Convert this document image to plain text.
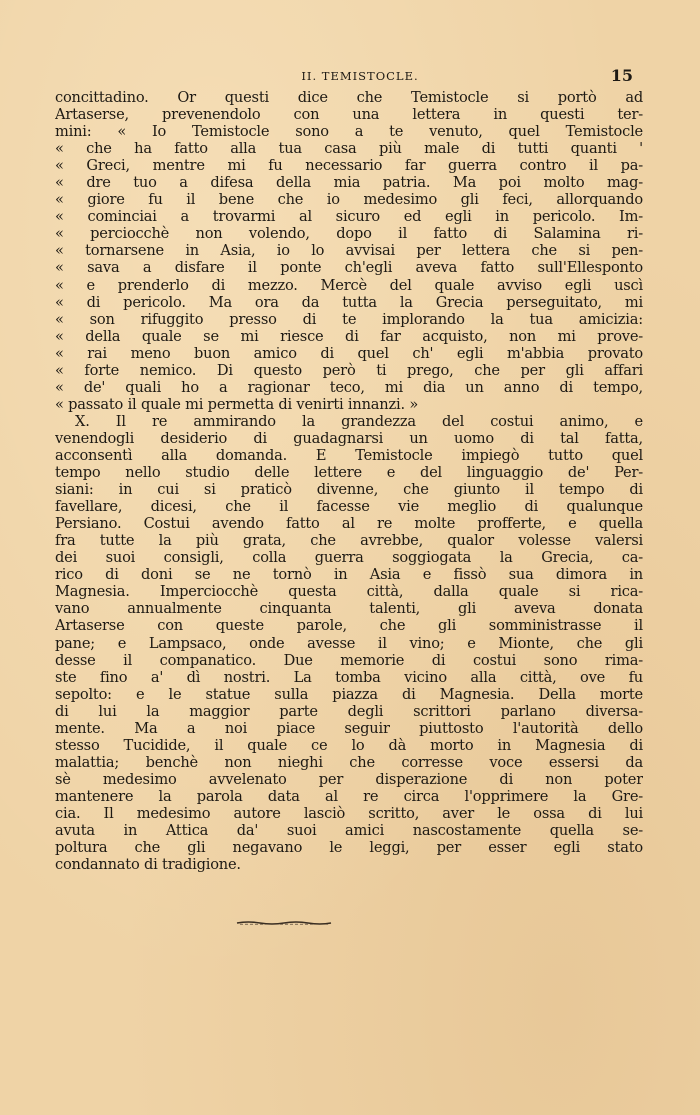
II. TEMISTOCLE.	15
concittadino. Or questi dice che Temistocle si portò ad
Artaserse, prevenendolo con una lettera in questi ter-
mini: « Io Temistocle sono a te venuto, quel Temistocle
« che ha fatto alla tua casa più male di tutti quanti '
« Greci, mentre mi fu necessario far guerra contro il pa-
« dre tuo a difesa della mia patria. Ma poi molto mag-
« giore fu il bene che io medesimo gli feci, allorquando
« cominciai a trovarmi al sicuro ed egli in pericolo. Im-
« perciocchè non volendo, dopo il fatto di Salamina ri-
« tornarsene in Asia, io lo avvisai per lettera che si pen-
« sava a disfare il ponte ch'egli aveva fatto sull'Ellesponto
« e prenderlo di mezzo. Mercè del quale avviso egli uscì
« di pericolo. Ma ora da tutta la Grecia perseguitato, mi
« son rifuggito presso di te implorando la tua amicizia:
« della quale se mi riesce di far acquisto, non mi prove-
« rai meno buon amico di quel ch' egli m'abbia provato
« forte nemico. Di questo però ti prego, che per gli affari
« de' quali ho a ragionar teco, mi dia un anno di tempo,
« passato il quale mi permetta di venirti innanzi. »
X. Il re ammirando la grandezza del costui animo, e
venendogli desiderio di guadagnarsi un uomo di tal fatta,
acconsentì alla domanda. E Temistocle impiegò tutto quel
tempo nello studio delle lettere e del linguaggio de' Per-
siani: in cui si praticò divenne, che giunto il tempo di
favellare, dicesi, che il facesse vie meglio di qualunque
Persiano. Costui avendo fatto al re molte profferte, e quella
fra tutte la più grata, che avrebbe, qualor volesse valersi
dei suoi consigli, colla guerra soggiogata la Grecia, ca-
rico di doni se ne tornò in Asia e fissò sua dimora in
Magnesia. Imperciocchè questa città, dalla quale si rica-
vano annualmente cinquanta talenti, gli aveva donata
Artaserse con queste parole, che gli somministrasse il
pane; e Lampsaco, onde avesse il vino; e Mionte, che gli
desse il companatico. Due memorie di costui sono rima-
ste fino a' dì nostri. La tomba vicino alla città, ove fu
sepolto: e le statue sulla piazza di Magnesia. Della morte
di lui la maggior parte degli scrittori parlano diversa-
mente. Ma a noi piace seguir piuttosto l'autorità dello
stesso Tucidide, il quale ce lo dà morto in Magnesia di
malattia; benchè non nieghi che corresse voce essersi da
sè medesimo avvelenato per disperazione di non poter
mantenere la parola data al re circa l'opprimere la Gre-
cia. Il medesimo autore lasciò scritto, aver le ossa di lui
avuta in Attica da' suoi amici nascostamente quella se-
poltura che gli negavano le leggi, per esser egli stato
condannato di tradigione.
